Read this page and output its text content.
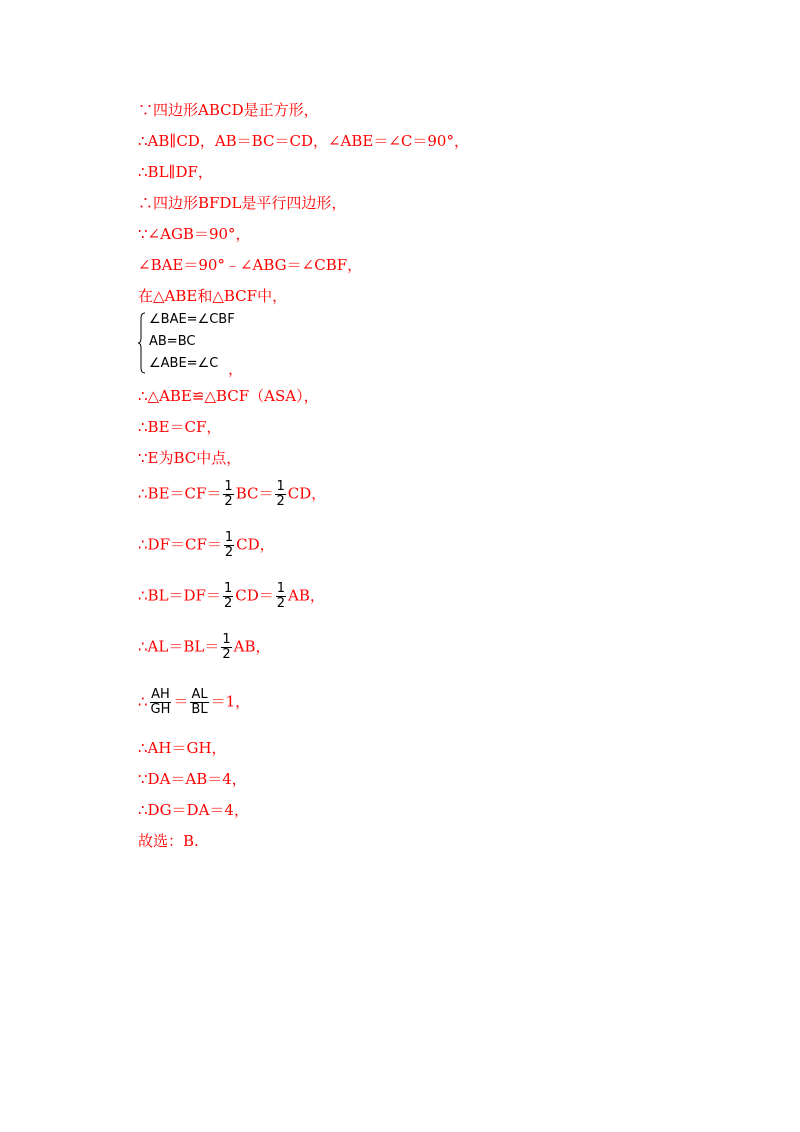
∵四边形ABCD是正方形，
∴AB∥CD，AB＝BC＝CD，∠ABE＝∠C＝90°，
∴BL∥DF，
∴四边形BFDL是平行四边形，
∵∠AGB＝90°，
∠BAE＝90°﹣∠ABG＝∠CBF，
在△ABE和△BCF中，
∠BAE=∠CBF
AB=BC
∠ABE=∠C ，
∴△ABE≌△BCF（ASA），
∴BE＝CF，
∵E为BC中点，
∴BE＝CF＝ $\frac{1}{2} BC= \frac{1}{2}$ CD，
∴DF＝CF＝ $\frac{1}{2}$ CD，
∴BL＝DF＝ $\frac{1}{2} CD= \frac{1}{2}$ AB，
∴AL＝BL＝ $\frac{1}{2}$ AB，
∴ $\frac{AH}{GH} = \frac{AL}{BL} =1$，
∴AH＝GH，
∵DA＝AB＝4，
∴DG＝DA＝4，
故选：B.
